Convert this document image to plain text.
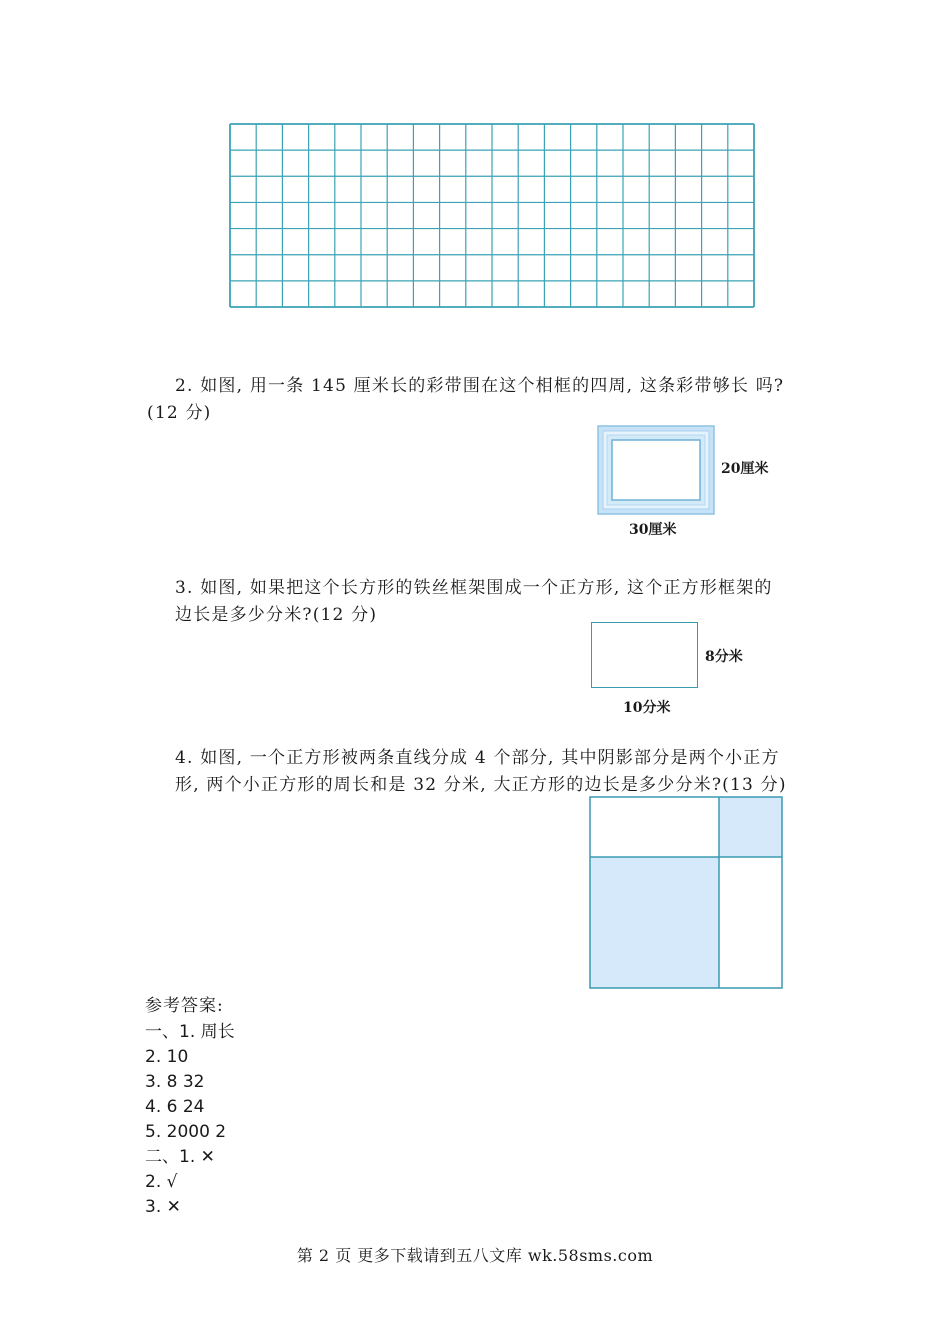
2. 如图, 用一条 145 厘米长的彩带围在这个相框的四周, 这条彩带够长 吗?
(12 分)
20厘米
30厘米
3. 如图, 如果把这个长方形的铁丝框架围成一个正方形, 这个正方形框架的
边长是多少分米?(12 分)
8分米
10分米
4. 如图, 一个正方形被两条直线分成 4 个部分, 其中阴影部分是两个小正方
形, 两个小正方形的周长和是 32 分米, 大正方形的边长是多少分米?(13 分)
参考答案:
一、1. 周长
2. 10
3. 8 32
4. 6 24
5. 2000 2
二、1. ✕
2. √
3. ✕
第 2 页 更多下载请到五八文库 wk.58sms.com
